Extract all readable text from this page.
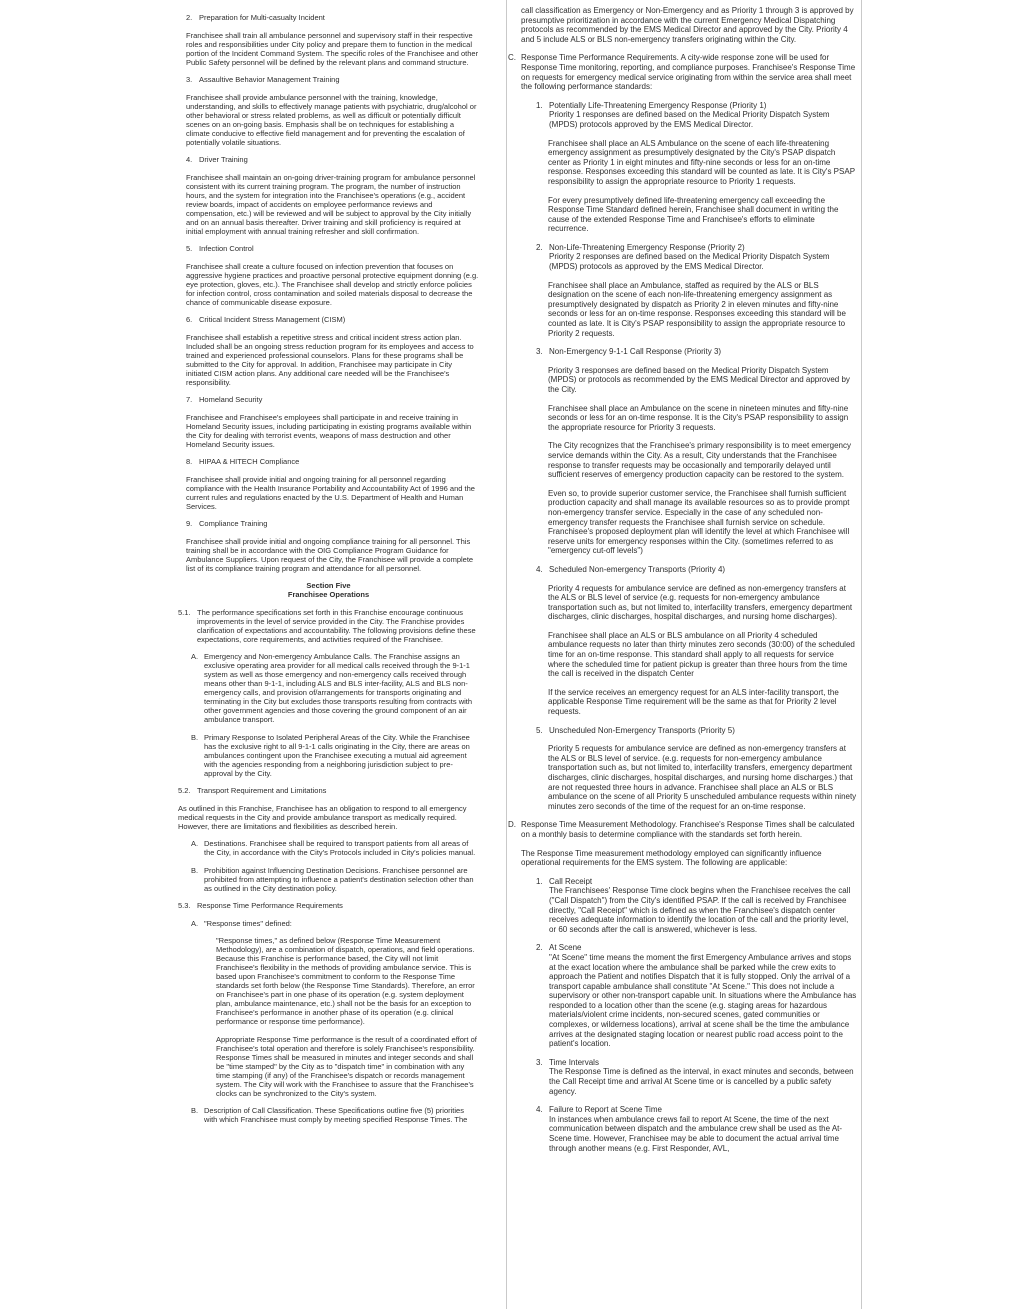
2. Preparation for Multi-casualty Incident
Franchisee shall train all ambulance personnel and supervisory staff in their respective roles and responsibilities under City policy and prepare them to function in the medical portion of the Incident Command System. The specific roles of the Franchisee and other Public Safety personnel will be defined by the relevant plans and command structure.
3. Assaultive Behavior Management Training
Franchisee shall provide ambulance personnel with the training, knowledge, understanding, and skills to effectively manage patients with psychiatric, drug/alcohol or other behavioral or stress related problems, as well as difficult or potentially difficult scenes on an on-going basis. Emphasis shall be on techniques for establishing a climate conducive to effective field management and for preventing the escalation of potentially volatile situations.
4. Driver Training
Franchisee shall maintain an on-going driver-training program for ambulance personnel consistent with its current training program. The program, the number of instruction hours, and the system for integration into the Franchisee's operations (e.g., accident review boards, impact of accidents on employee performance reviews and compensation, etc.) will be reviewed and will be subject to approval by the City initially and on an annual basis thereafter. Driver training and skill proficiency is required at initial employment with annual training refresher and skill confirmation.
5. Infection Control
Franchisee shall create a culture focused on infection prevention that focuses on aggressive hygiene practices and proactive personal protective equipment donning (e.g. eye protection, gloves, etc.). The Franchisee shall develop and strictly enforce policies for infection control, cross contamination and soiled materials disposal to decrease the chance of communicable disease exposure.
6. Critical Incident Stress Management (CISM)
Franchisee shall establish a repetitive stress and critical incident stress action plan. Included shall be an ongoing stress reduction program for its employees and access to trained and experienced professional counselors. Plans for these programs shall be submitted to the City for approval. In addition, Franchisee may participate in City initiated CISM action plans. Any additional care needed will be the Franchisee's responsibility.
7. Homeland Security
Franchisee and Franchisee's employees shall participate in and receive training in Homeland Security issues, including participating in existing programs available within the City for dealing with terrorist events, weapons of mass destruction and other Homeland Security issues.
8. HIPAA & HITECH Compliance
Franchisee shall provide initial and ongoing training for all personnel regarding compliance with the Health Insurance Portability and Accountability Act of 1996 and the current rules and regulations enacted by the U.S. Department of Health and Human Services.
9. Compliance Training
Franchisee shall provide initial and ongoing compliance training for all personnel. This training shall be in accordance with the OIG Compliance Program Guidance for Ambulance Suppliers. Upon request of the City, the Franchisee will provide a complete list of its compliance training program and attendance for all personnel.
Section Five
Franchisee Operations
5.1. The performance specifications set forth in this Franchise encourage continuous improvements in the level of service provided in the City. The Franchise provides clarification of expectations and accountability. The following provisions define these expectations, core requirements, and activities required of the Franchisee.
A. Emergency and Non-emergency Ambulance Calls. The Franchise assigns an exclusive operating area provider for all medical calls received through the 9-1-1 system as well as those emergency and non-emergency calls received through means other than 9-1-1, including ALS and BLS inter-facility, ALS and BLS non-emergency calls, and provision of/arrangements for transports originating and terminating in the City but excludes those transports resulting from contracts with other government agencies and those covering the ground component of an air ambulance transport.
B. Primary Response to Isolated Peripheral Areas of the City. While the Franchisee has the exclusive right to all 9-1-1 calls originating in the City, there are areas on ambulances contingent upon the Franchisee executing a mutual aid agreement with the agencies responding from a neighboring jurisdiction subject to pre-approval by the City.
5.2. Transport Requirement and Limitations
As outlined in this Franchise, Franchisee has an obligation to respond to all emergency medical requests in the City and provide ambulance transport as medically required. However, there are limitations and flexibilities as described herein.
A. Destinations. Franchisee shall be required to transport patients from all areas of the City, in accordance with the City's Protocols included in City's policies manual.
B. Prohibition against Influencing Destination Decisions. Franchisee personnel are prohibited from attempting to influence a patient's destination selection other than as outlined in the City destination policy.
5.3. Response Time Performance Requirements
A. "Response times" defined:
"Response times," as defined below (Response Time Measurement Methodology), are a combination of dispatch, operations, and field operations. Because this Franchise is performance based, the City will not limit Franchisee's flexibility in the methods of providing ambulance service. This is based upon Franchisee's commitment to conform to the Response Time standards set forth below (the Response Time Standards). Therefore, an error on Franchisee's part in one phase of its operation (e.g. system deployment plan, ambulance maintenance, etc.) shall not be the basis for an exception to Franchisee's performance in another phase of its operation (e.g. clinical performance or response time performance).
Appropriate Response Time performance is the result of a coordinated effort of Franchisee's total operation and therefore is solely Franchisee's responsibility. Response Times shall be measured in minutes and integer seconds and shall be "time stamped" by the City as to "dispatch time" in combination with any time stamping (if any) of the Franchisee's dispatch or records management system. The City will work with the Franchisee to assure that the Franchisee's clocks can be synchronized to the City's system.
B. Description of Call Classification. These Specifications outline five (5) priorities with which Franchisee must comply by meeting specified Response Times. The
call classification as Emergency or Non-Emergency and as Priority 1 through 3 is approved by presumptive prioritization in accordance with the current Emergency Medical Dispatching protocols as recommended by the EMS Medical Director and approved by the City. Priority 4 and 5 include ALS or BLS non-emergency transfers originating within the City.
C. Response Time Performance Requirements. A city-wide response zone will be used for Response Time monitoring, reporting, and compliance purposes. Franchisee's Response Time on requests for emergency medical service originating from within the service area shall meet the following performance standards:
1. Potentially Life-Threatening Emergency Response (Priority 1)
Priority 1 responses are defined based on the Medical Priority Dispatch System (MPDS) protocols approved by the EMS Medical Director.
Franchisee shall place an ALS Ambulance on the scene of each life-threatening emergency assignment as presumptively designated by the City's PSAP dispatch center as Priority 1 in eight minutes and fifty-nine seconds or less for an on-time response. Responses exceeding this standard will be counted as late. It is City's PSAP responsibility to assign the appropriate resource to Priority 1 requests.
For every presumptively defined life-threatening emergency call exceeding the Response Time Standard defined herein, Franchisee shall document in writing the cause of the extended Response Time and Franchisee's efforts to eliminate recurrence.
2. Non-Life-Threatening Emergency Response (Priority 2)
Priority 2 responses are defined based on the Medical Priority Dispatch System (MPDS) protocols as approved by the EMS Medical Director.
Franchisee shall place an Ambulance, staffed as required by the ALS or BLS designation on the scene of each non-life-threatening emergency assignment as presumptively designated by dispatch as Priority 2 in eleven minutes and fifty-nine seconds or less for an on-time response. Responses exceeding this standard will be counted as late. It is City's PSAP responsibility to assign the appropriate resource to Priority 2 requests.
3. Non-Emergency 9-1-1 Call Response (Priority 3)
Priority 3 responses are defined based on the Medical Priority Dispatch System (MPDS) or protocols as recommended by the EMS Medical Director and approved by the City.
Franchisee shall place an Ambulance on the scene in nineteen minutes and fifty-nine seconds or less for an on-time response. It is the City's PSAP responsibility to assign the appropriate resource for Priority 3 requests.
The City recognizes that the Franchisee's primary responsibility is to meet emergency service demands within the City. As a result, City understands that the Franchisee response to transfer requests may be occasionally and temporarily delayed until sufficient reserves of emergency production capacity can be restored to the system.
Even so, to provide superior customer service, the Franchisee shall furnish sufficient production capacity and shall manage its available resources so as to provide prompt non-emergency transfer service. Especially in the case of any scheduled non-emergency transfer requests the Franchisee shall furnish service on schedule. Franchisee's proposed deployment plan will identify the level at which Franchisee will reserve units for emergency responses within the City. (sometimes referred to as "emergency cut-off levels")
4. Scheduled Non-emergency Transports (Priority 4)
Priority 4 requests for ambulance service are defined as non-emergency transfers at the ALS or BLS level of service (e.g. requests for non-emergency ambulance transportation such as, but not limited to, interfacility transfers, emergency department discharges, clinic discharges, hospital discharges, and nursing home discharges).
Franchisee shall place an ALS or BLS ambulance on all Priority 4 scheduled ambulance requests no later than thirty minutes zero seconds (30:00) of the scheduled time for an on-time response. This standard shall apply to all requests for service where the scheduled time for patient pickup is greater than three hours from the time the call is received in the dispatch Center
If the service receives an emergency request for an ALS inter-facility transport, the applicable Response Time requirement will be the same as that for Priority 2 level requests.
5. Unscheduled Non-Emergency Transports (Priority 5)
Priority 5 requests for ambulance service are defined as non-emergency transfers at the ALS or BLS level of service. (e.g. requests for non-emergency ambulance transportation such as, but not limited to, interfacility transfers, emergency department discharges, clinic discharges, hospital discharges, and nursing home discharges.) that are not requested three hours in advance. Franchisee shall place an ALS or BLS ambulance on the scene of all Priority 5 unscheduled ambulance requests within ninety minutes zero seconds of the time of the request for an on-time response.
D. Response Time Measurement Methodology. Franchisee's Response Times shall be calculated on a monthly basis to determine compliance with the standards set forth herein.
The Response Time measurement methodology employed can significantly influence operational requirements for the EMS system. The following are applicable:
1. Call Receipt
The Franchisees' Response Time clock begins when the Franchisee receives the call ("Call Dispatch") from the City's identified PSAP. If the call is received by Franchisee directly, "Call Receipt" which is defined as when the Franchisee's dispatch center receives adequate information to identify the location of the call and the priority level, or 60 seconds after the call is answered, whichever is less.
2. At Scene
"At Scene" time means the moment the first Emergency Ambulance arrives and stops at the exact location where the ambulance shall be parked while the crew exits to approach the Patient and notifies Dispatch that it is fully stopped. Only the arrival of a transport capable ambulance shall constitute "At Scene." This does not include a supervisory or other non-transport capable unit. In situations where the Ambulance has responded to a location other than the scene (e.g. staging areas for hazardous materials/violent crime incidents, non-secured scenes, gated communities or complexes, or wilderness locations), arrival at scene shall be the time the ambulance arrives at the designated staging location or nearest public road access point to the patient's location.
3. Time Intervals
The Response Time is defined as the interval, in exact minutes and seconds, between the Call Receipt time and arrival At Scene time or is cancelled by a public safety agency.
4. Failure to Report at Scene Time
In instances when ambulance crews fail to report At Scene, the time of the next communication between dispatch and the ambulance crew shall be used as the At-Scene time. However, Franchisee may be able to document the actual arrival time through another means (e.g. First Responder, AVL,
